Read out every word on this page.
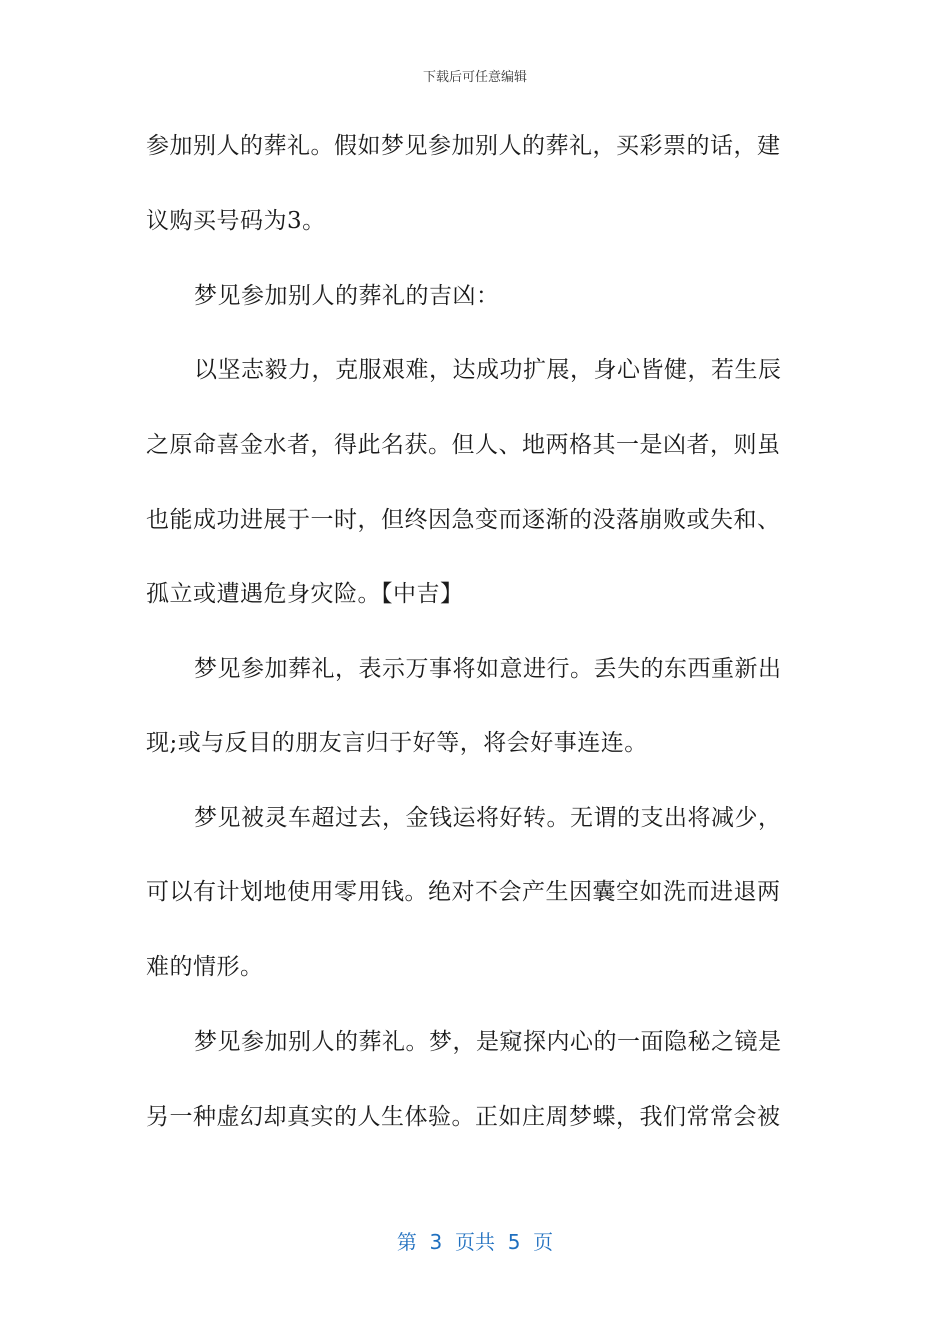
下载后可任意编辑
参加别人的葬礼。假如梦见参加别人的葬礼，买彩票的话，建
议购买号码为3。
梦见参加别人的葬礼的吉凶：
以坚志毅力，克服艰难，达成功扩展，身心皆健，若生辰
之原命喜金水者，得此名获。但人、地两格其一是凶者，则虽
也能成功进展于一时，但终因急变而逐渐的没落崩败或失和、
孤立或遭遇危身灾险。【中吉】
梦见参加葬礼，表示万事将如意进行。丢失的东西重新出
现;或与反目的朋友言归于好等，将会好事连连。
梦见被灵车超过去，金钱运将好转。无谓的支出将减少，
可以有计划地使用零用钱。绝对不会产生因囊空如洗而进退两
难的情形。
梦见参加别人的葬礼。梦，是窥探内心的一面隐秘之镜是
另一种虚幻却真实的人生体验。正如庄周梦蝶，我们常常会被
第  3  页共  5  页
